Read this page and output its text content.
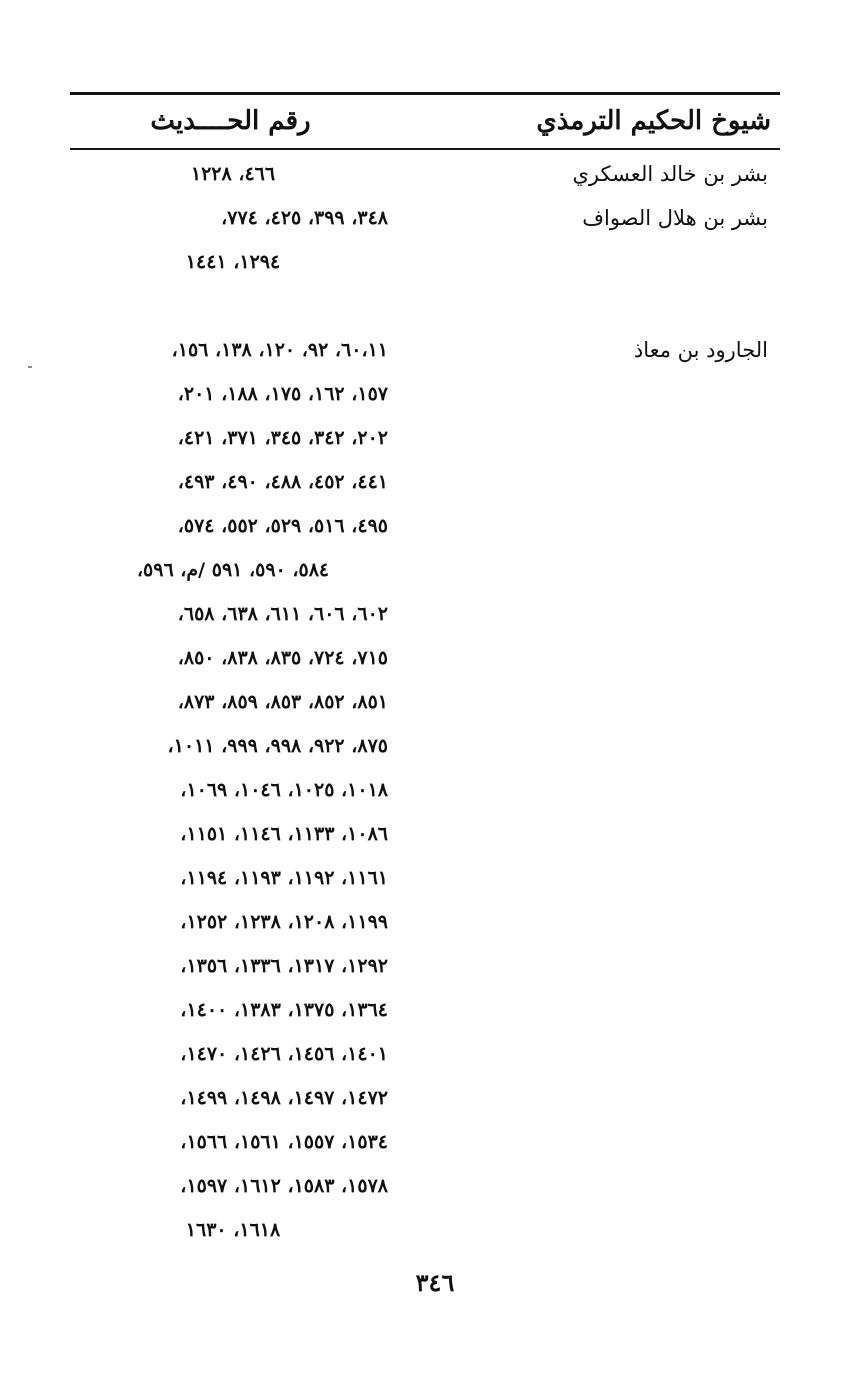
شيوخ الحكيم الترمذي
رقم الحــــديث
بشر بن خالد العسكري
٤٦٦، ١٢٢٨
بشر بن هلال الصواف
٣٤٨، ٣٩٩، ٤٢٥، ٧٧٤،
١٢٩٤، ١٤٤١
الجارود بن معاذ
٦٠،١١، ٩٢، ١٢٠، ١٣٨، ١٥٦،
١٥٧، ١٦٢، ١٧٥، ١٨٨، ٢٠١،
٢٠٢، ٣٤٢، ٣٤٥، ٣٧١، ٤٢١،
٤٤١، ٤٥٢، ٤٨٨، ٤٩٠، ٤٩٣،
٤٩٥، ٥١٦، ٥٢٩، ٥٥٢، ٥٧٤،
٥٨٤، ٥٩٠، ٥٩١ /م، ٥٩٦،
٦٠٢، ٦٠٦، ٦١١، ٦٣٨، ٦٥٨،
٧١٥، ٧٢٤، ٨٣٥، ٨٣٨، ٨٥٠،
٨٥١، ٨٥٢، ٨٥٣، ٨٥٩، ٨٧٣،
٨٧٥، ٩٢٢، ٩٩٨، ٩٩٩، ١٠١١،
١٠١٨، ١٠٢٥، ١٠٤٦، ١٠٦٩،
١٠٨٦، ١١٣٣، ١١٤٦، ١١٥١،
١١٦١، ١١٩٢، ١١٩٣، ١١٩٤،
١١٩٩، ١٢٠٨، ١٢٣٨، ١٢٥٢،
١٢٩٢، ١٣١٧، ١٣٣٦، ١٣٥٦،
١٣٦٤، ١٣٧٥، ١٣٨٣، ١٤٠٠،
١٤٠١، ١٤٥٦، ١٤٢٦، ١٤٧٠،
١٤٧٢، ١٤٩٧، ١٤٩٨، ١٤٩٩،
١٥٣٤، ١٥٥٧، ١٥٦١، ١٥٦٦،
١٥٧٨، ١٥٨٣، ١٦١٢، ١٥٩٧،
١٦١٨، ١٦٣٠
٣٤٦
